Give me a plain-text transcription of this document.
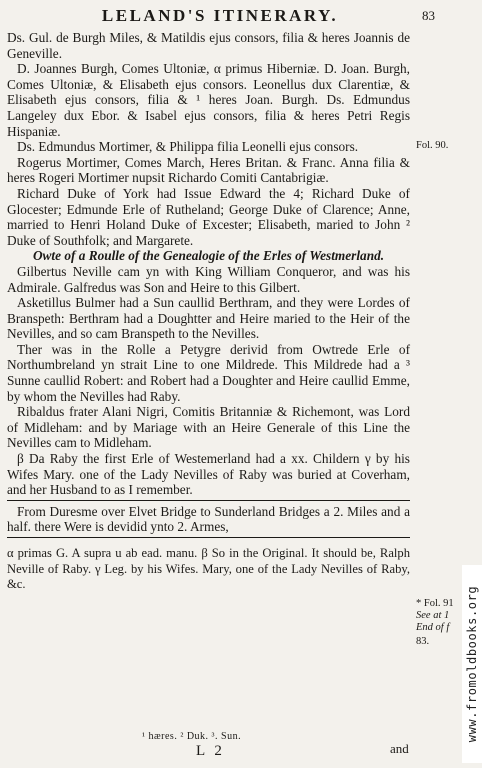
LELAND'S ITINERARY.	83

Ds. Gul. de Burgh Miles, & Matildis ejus consors, filia & heres Joannis de Geneville.

D. Joannes Burgh, Comes Ultoniæ, α primus Hiberniæ. D. Joan. Burgh, Comes Ultoniæ, & Elisabeth ejus consors. Leonellus dux Clarentiæ, & Elisabeth ejus consors, filia & ¹ heres Joan. Burgh. Ds. Edmundus Langeley dux Ebor. & Isabel ejus consors, filia & heres Petri Regis Hispaniæ.

Ds. Edmundus Mortimer, & Philippa filia Leonelli ejus consors.

Rogerus Mortimer, Comes March, Heres Britan. & Franc. Anna filia & heres Rogeri Mortimer nupsit Richardo Comiti Cantabrigiæ.

Richard Duke of York had Issue Edward the 4; Richard Duke of Glocester; Edmunde Erle of Rutheland; George Duke of Clarence; Anne, married to Henri Holand Duke of Excester; Elisabeth, maried to John ² Duke of Southfolk; and Margarete.

Owte of a Roulle of the Genealogie of the Erles of Westmerland.

Gilbertus Neville cam yn with King William Conqueror, and was his Admirale. Galfredus was Son and Heire to this Gilbert.

Asketillus Bulmer had a Sun caullid Berthram, and they were Lordes of Branspeth: Berthram had a Doughtter and Heire maried to the Heir of the Nevilles, and so cam Branspeth to the Nevilles.

Ther was in the Rolle a Petygre derivid from Owtrede Erle of Northumbreland yn strait Line to one Mildrede. This Mildrede had a ³ Sunne caullid Robert: and Robert had a Doughter and Heire caullid Emme, by whom the Nevilles had Raby.

Ribaldus frater Alani Nigri, Comitis Britanniæ & Richemont, was Lord of Midleham: and by Mariage with an Heire Generale of this Line the Nevilles cam to Midleham.

β Da Raby the first Erle of Westemerland had a xx. Childern γ by his Wifes Mary. one of the Lady Nevilles of Raby was buried at Coverham, and her Husband to as I remember.

From Duresme over Elvet Bridge to Sunderland Bridges a 2. Miles and a half. there Were is devidid ynto 2. Armes,

α primas G. A supra u ab ead. manu. β So in the Original. It should be, Ralph Neville of Raby. γ Leg. by his Wifes. Mary, one of the Lady Nevilles of Raby, &c.

Fol. 90.
* Fol. 91
See at 1
End of f
83.
¹ hæres. ² Duk. ³. Sun.
L 2	and
www.fromoldbooks.org
